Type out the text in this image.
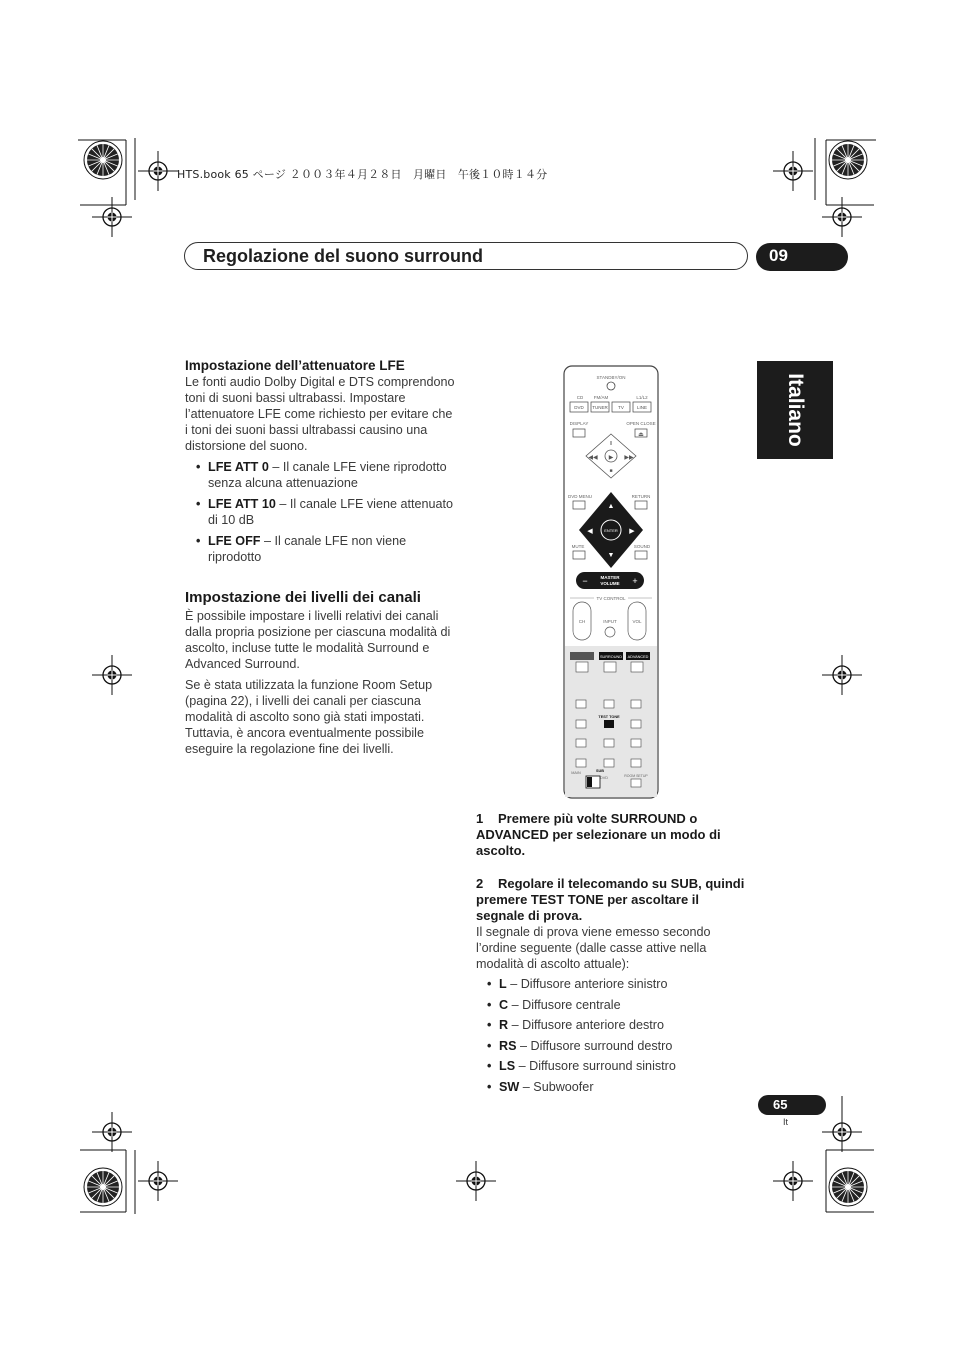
HTS.book 65 ページ ２００３年４月２８日　月曜日　午後１０時１４分
Regolazione del suono surround	09
Italiano
Impostazione dell’attenuatore LFE

Le fonti audio Dolby Digital e DTS comprendono toni di suoni bassi ultrabassi. Impostare l’attenuatore LFE come richiesto per evitare che i toni dei suoni bassi ultrabassi causino una distorsione del suono.

• LFE ATT 0 – Il canale LFE viene riprodotto senza alcuna attenuazione
• LFE ATT 10 – Il canale LFE viene attenuato di 10 dB
• LFE OFF – Il canale LFE non viene riprodotto
Impostazione dei livelli dei canali

È possibile impostare i livelli relativi dei canali dalla propria posizione per ciascuna modalità di ascolto, incluse tutte le modalità Surround e Advanced Surround.

Se è stata utilizzata la funzione Room Setup (pagina 22), i livelli dei canali per ciascuna modalità di ascolto sono già stati impostati. Tuttavia, è ancora eventualmente possibile eseguire la regolazione fine dei livelli.

STANDBY/ON
CD FM/AM	L1/L2
DVD TUNER TV	LINE
DISPLAY	OPEN CLOSE
⏏
▶
II
◀◀	▶▶
■
DVD MENU	RETURN
ENTER
▲
▼
◀	▶
MUTE	SOUND
MASTER
VOLUME
−	+
TV CONTROL
CH	VOL
INPUT
SURROUND ADVANCED
TEST TONE
ROOM SETUP
MAIN	SUB
DVD
1 Premere più volte SURROUND o ADVANCED per selezionare un modo di ascolto.
2 Regolare il telecomando su SUB, quindi premere TEST TONE per ascoltare il segnale di prova.

Il segnale di prova viene emesso secondo l’ordine seguente (dalle casse attive nella modalità di ascolto attuale):

• L – Diffusore anteriore sinistro
• C – Diffusore centrale
• R – Diffusore anteriore destro
• RS – Diffusore surround destro
• LS – Diffusore surround sinistro
• SW – Subwoofer
65
It
